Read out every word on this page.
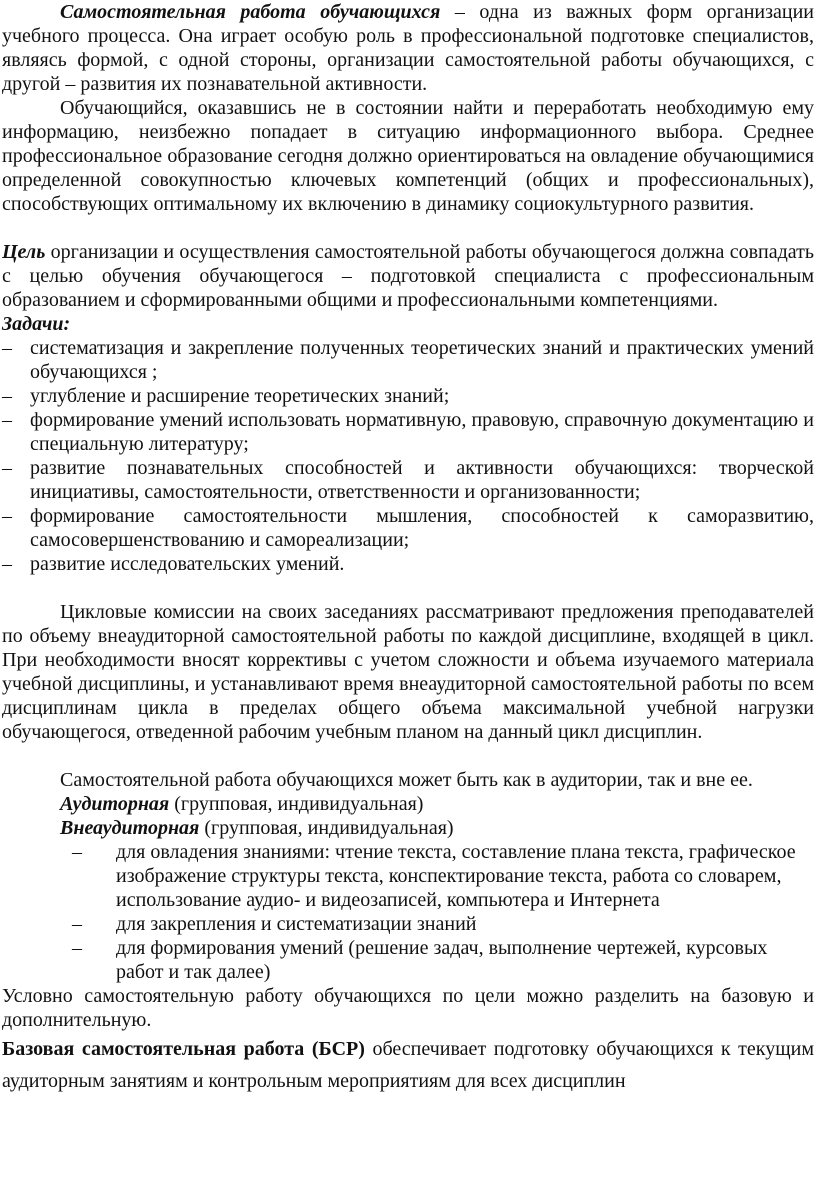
Самостоятельная работа обучающихся – одна из важных форм организации учебного процесса. Она играет особую роль в профессиональной подготовке специалистов, являясь формой, с одной стороны, организации самостоятельной работы обучающихся, с другой – развития их познавательной активности.

Обучающийся, оказавшись не в состоянии найти и переработать необходимую ему информацию, неизбежно попадает в ситуацию информационного выбора. Среднее профессиональное образование сегодня должно ориентироваться на овладение обучающимися определенной совокупностью ключевых компетенций (общих и профессиональных), способствующих оптимальному их включению в динамику социокультурного развития.

Цель организации и осуществления самостоятельной работы обучающегося должна совпадать с целью обучения обучающегося – подготовкой специалиста с профессиональным образованием и сформированными общими и профессиональными компетенциями.

Задачи:

– систематизация и закрепление полученных теоретических знаний и практических умений обучающихся ;
– углубление и расширение теоретических знаний;
– формирование умений использовать нормативную, правовую, справочную документацию и специальную литературу;
– развитие познавательных способностей и активности обучающихся: творческой инициативы, самостоятельности, ответственности и организованности;
– формирование самостоятельности мышления, способностей к саморазвитию, самосовершенствованию и самореализации;
– развитие исследовательских умений.

Цикловые комиссии на своих заседаниях рассматривают предложения преподавателей по объему внеаудиторной самостоятельной работы по каждой дисциплине, входящей в цикл. При необходимости вносят коррективы с учетом сложности и объема изучаемого материала учебной дисциплины, и устанавливают время внеаудиторной самостоятельной работы по всем дисциплинам цикла в пределах общего объема максимальной учебной нагрузки обучающегося, отведенной рабочим учебным планом на данный цикл дисциплин.

Самостоятельной работа обучающихся может быть как в аудитории, так и вне ее.

Аудиторная (групповая, индивидуальная)

Внеаудиторная (групповая, индивидуальная)

– для овладения знаниями: чтение текста, составление плана текста, графическое изображение структуры текста, конспектирование текста, работа со словарем, использование аудио- и видеозаписей, компьютера и Интернета
– для закрепления и систематизации знаний
– для формирования умений (решение задач, выполнение чертежей, курсовых работ и так далее)

Условно самостоятельную работу обучающихся по цели можно разделить на базовую и дополнительную.

Базовая самостоятельная работа (БСР) обеспечивает подготовку обучающихся к текущим аудиторным занятиям и контрольным мероприятиям для всех дисциплин
